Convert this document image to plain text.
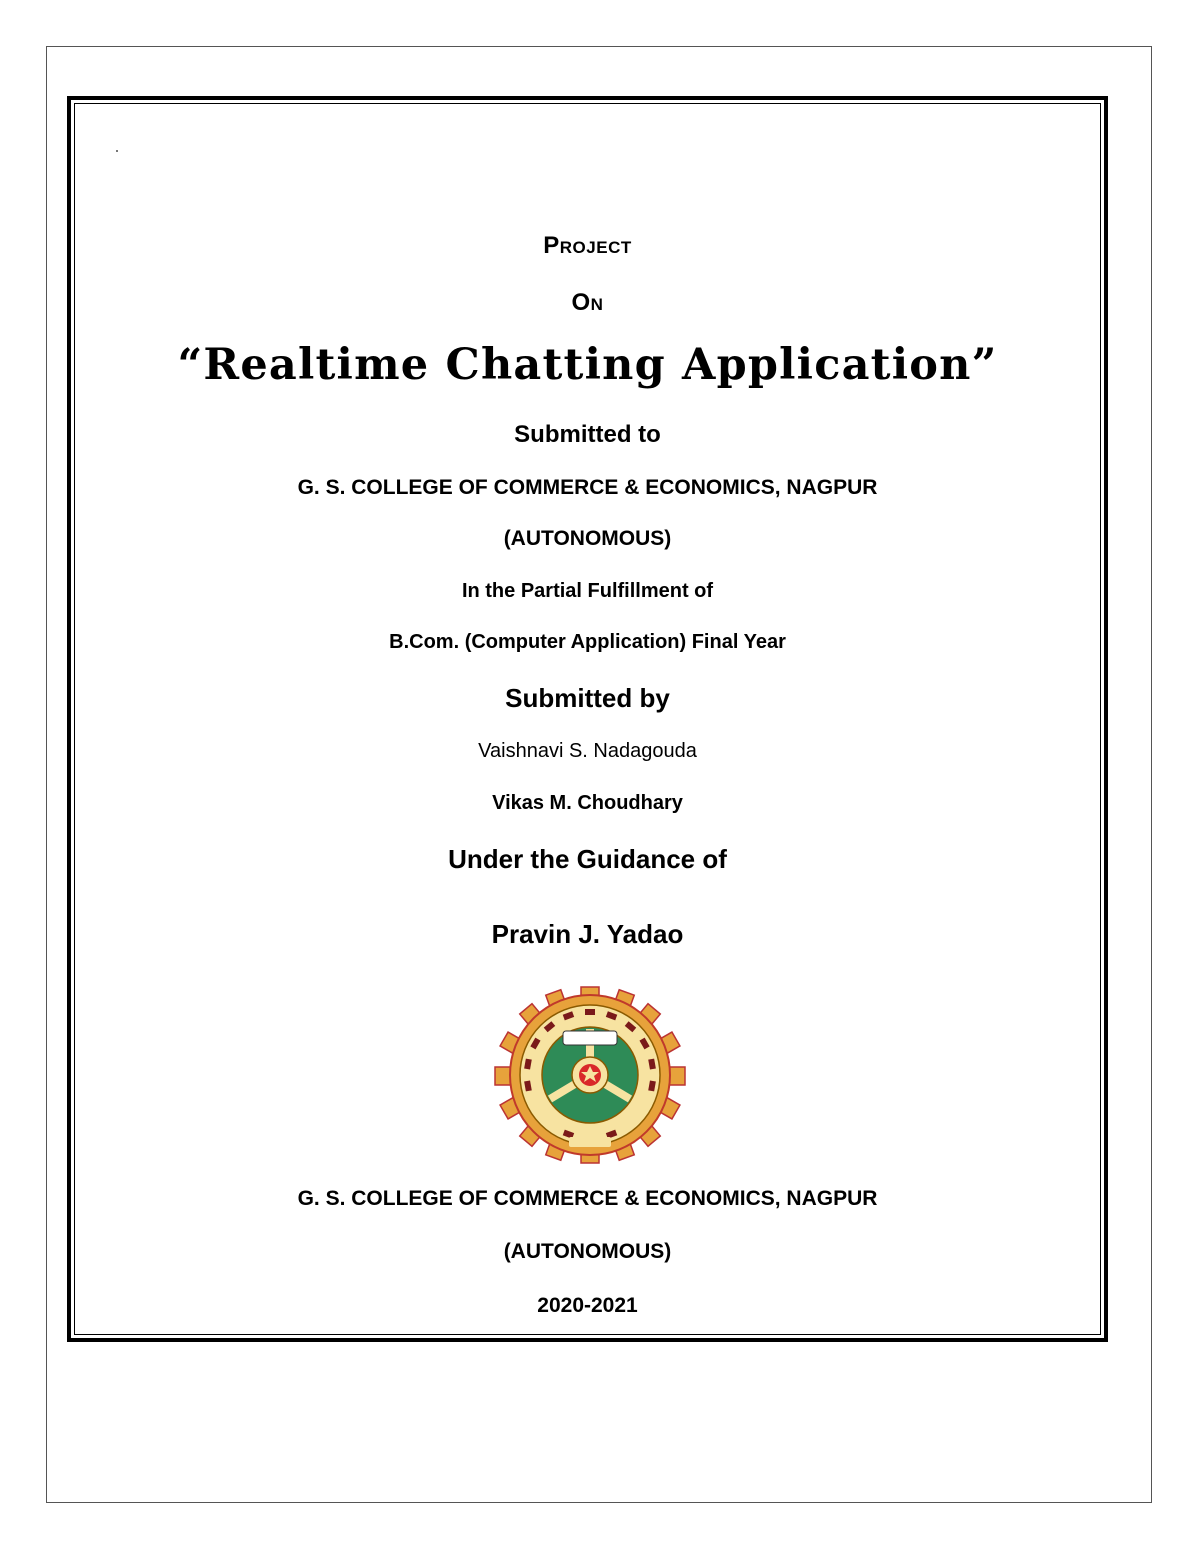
Project
On
“Realtime Chatting Application”
Submitted to
G. S. COLLEGE OF COMMERCE & ECONOMICS, NAGPUR
(AUTONOMOUS)
In the Partial Fulfillment of
B.Com. (Computer Application) Final Year
Submitted by
Vaishnavi S. Nadagouda
Vikas M. Choudhary
Under the Guidance of
Pravin J. Yadao
G. S. COLLEGE OF COMMERCE & ECONOMICS, NAGPUR
(AUTONOMOUS)
2020-2021
